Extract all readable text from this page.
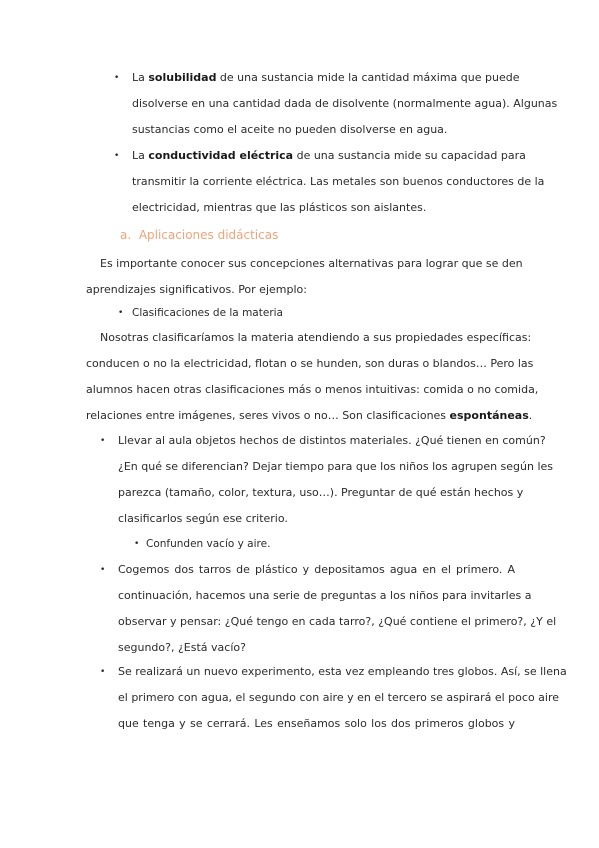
• La solubilidad de una sustancia mide la cantidad máxima que puede
disolverse en una cantidad dada de disolvente (normalmente agua). Algunas
sustancias como el aceite no pueden disolverse en agua.
• La conductividad eléctrica de una sustancia mide su capacidad para
transmitir la corriente eléctrica. Las metales son buenos conductores de la
electricidad, mientras que las plásticos son aislantes.
a. Aplicaciones didácticas
Es importante conocer sus concepciones alternativas para lograr que se den
aprendizajes significativos. Por ejemplo:
• Clasificaciones de la materia
Nosotras clasificaríamos la materia atendiendo a sus propiedades específicas:
conducen o no la electricidad, flotan o se hunden, son duras o blandos… Pero las
alumnos hacen otras clasificaciones más o menos intuitivas: comida o no comida,
relaciones entre imágenes, seres vivos o no… Son clasificaciones espontáneas.
• Llevar al aula objetos hechos de distintos materiales. ¿Qué tienen en común?
¿En qué se diferencian? Dejar tiempo para que los niños los agrupen según les
parezca (tamaño, color, textura, uso…). Preguntar de qué están hechos y
clasificarlos según ese criterio.
• Confunden vacío y aire.
• Cogemos dos tarros de plástico y depositamos agua en el primero. A
continuación, hacemos una serie de preguntas a los niños para invitarles a
observar y pensar: ¿Qué tengo en cada tarro?, ¿Qué contiene el primero?, ¿Y el
segundo?, ¿Está vacío?
• Se realizará un nuevo experimento, esta vez empleando tres globos. Así, se llena
el primero con agua, el segundo con aire y en el tercero se aspirará el poco aire
que tenga y se cerrará. Les enseñamos solo los dos primeros globos y
